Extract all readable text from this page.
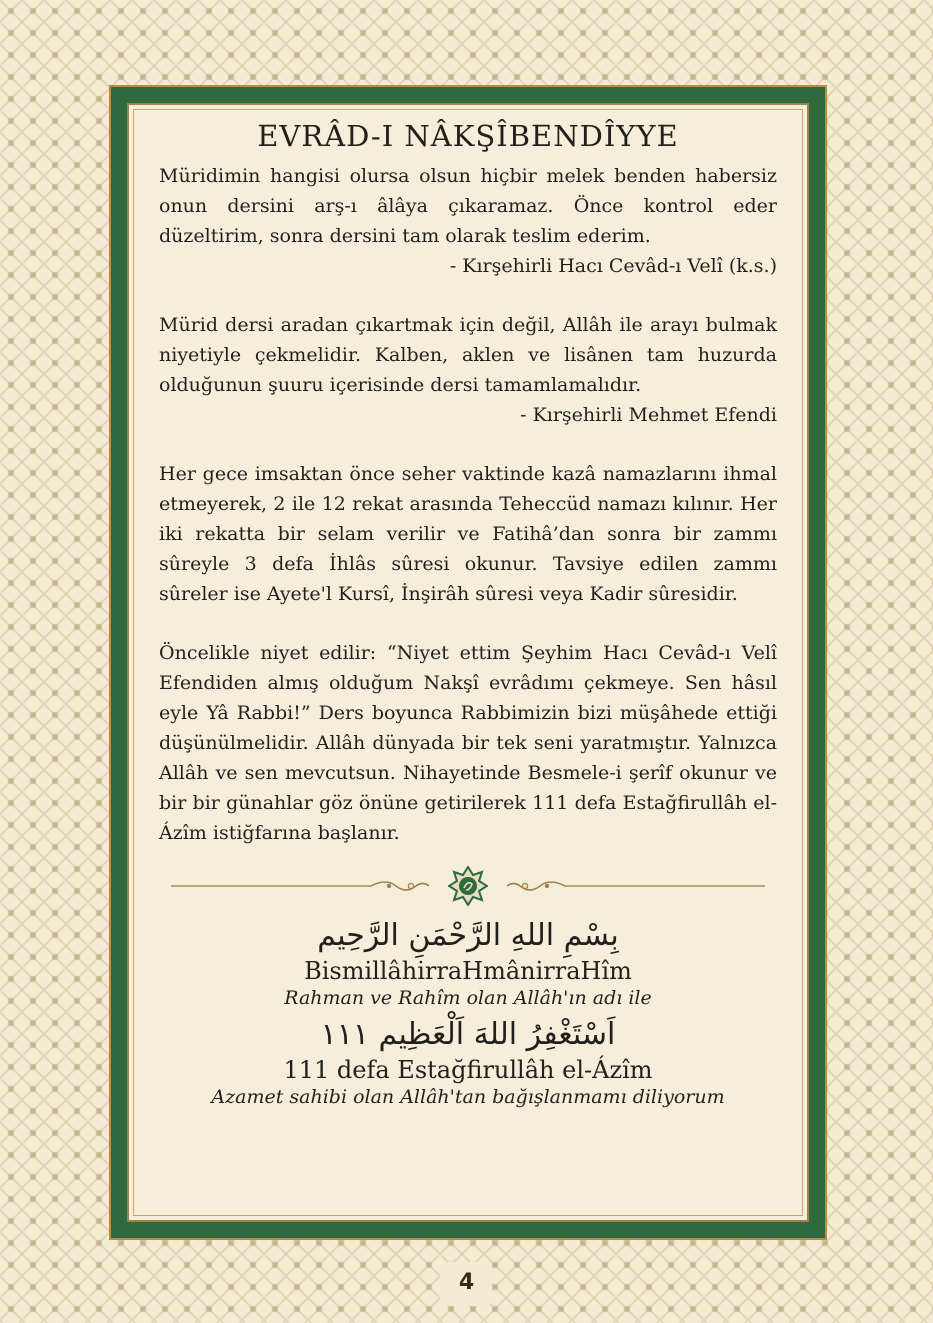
EVRÂD-I NÂKŞÎBENDÎYYE

Müridimin hangisi olursa olsun hiçbir melek benden habersiz onun dersini arş-ı âlâya çıkaramaz. Önce kontrol eder düzeltirim, sonra dersini tam olarak teslim ederim.

- Kırşehirli Hacı Cevâd-ı Velî (k.s.)

Mürid dersi aradan çıkartmak için değil, Allâh ile arayı bulmak niyetiyle çekmelidir. Kalben, aklen ve lisânen tam huzurda olduğunun şuuru içerisinde dersi tamamlamalıdır.

- Kırşehirli Mehmet Efendi

Her gece imsaktan önce seher vaktinde kazâ namazlarını ihmal etmeyerek, 2 ile 12 rekat arasında Teheccüd namazı kılınır. Her iki rekatta bir selam verilir ve Fatihâ’dan sonra bir zammı sûreyle 3 defa İhlâs sûresi okunur. Tavsiye edilen zammı sûreler ise Ayete'l Kursî, İnşirâh sûresi veya Kadir sûresidir.

Öncelikle niyet edilir: “Niyet ettim Şeyhim Hacı Cevâd-ı Velî Efendiden almış olduğum Nakşî evrâdımı çekmeye. Sen hâsıl eyle Yâ Rabbi!” Ders boyunca Rabbimizin bizi müşâhede ettiği düşünülmelidir. Allâh dünyada bir tek seni yaratmıştır. Yalnızca Allâh ve sen mevcutsun. Nihayetinde Besmele-i şerîf okunur ve bir bir günahlar göz önüne getirilerek 111 defa Estağfirullâh el-Ázîm istiğfarına başlanır.

بِسْمِ اللهِ الرَّحْمَنِ الرَّحِيم
BismillâhirraHmânirraHîm

Rahman ve Rahîm olan Allâh'ın adı ile

اَسْتَغْفِرُ اللهَ اَلْعَظِيم ١١١
111 defa Estağfirullâh el-Ázîm

Azamet sahibi olan Allâh'tan bağışlanmamı diliyorum

4
